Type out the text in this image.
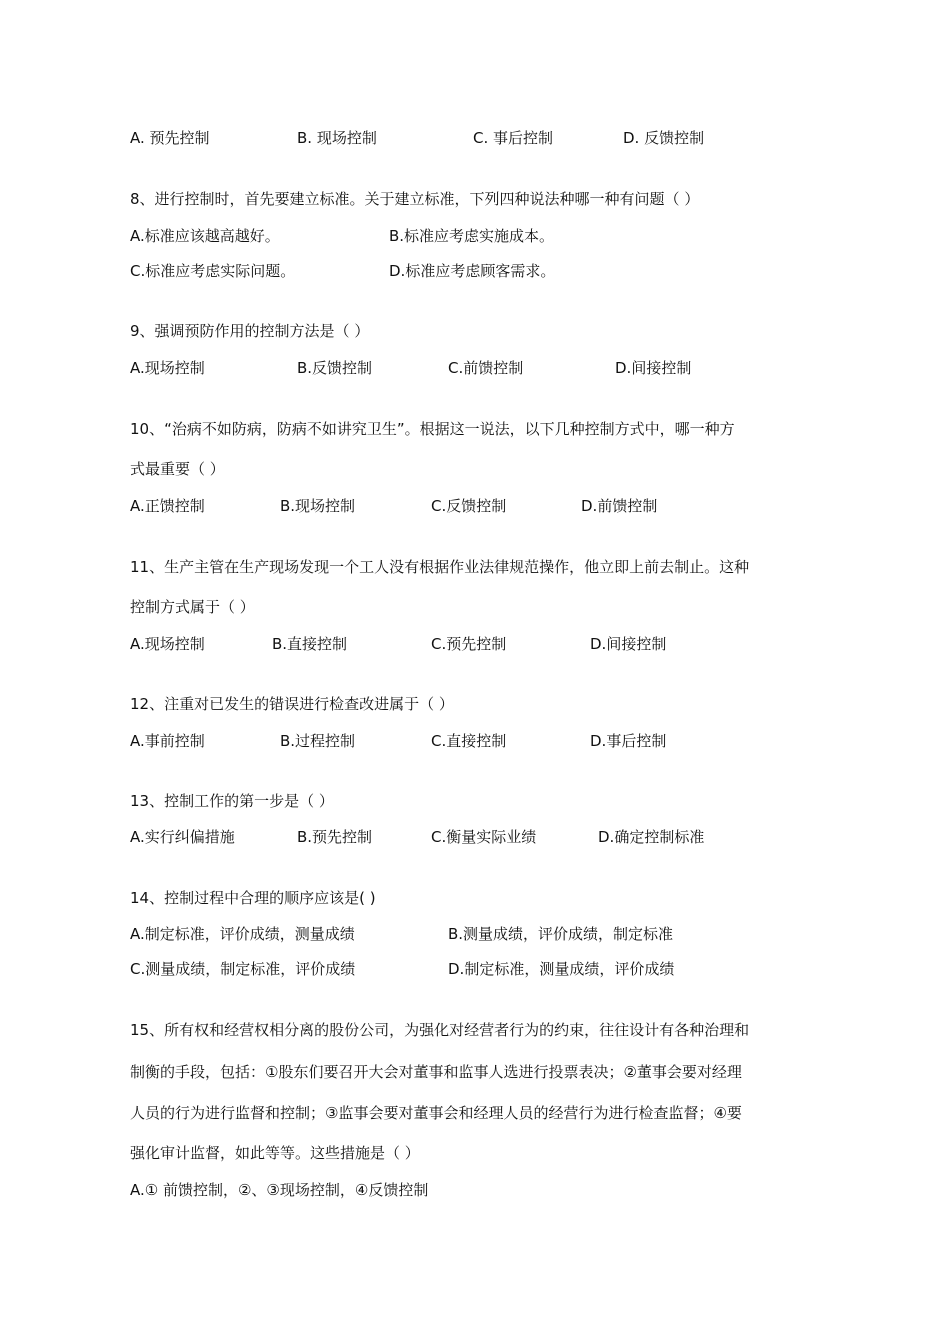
A. 预先控制	B. 现场控制	C. 事后控制	D. 反馈控制
8、进行控制时，首先要建立标准。关于建立标准，下列四种说法种哪一种有问题（ ）
A.标准应该越高越好。	B.标准应考虑实施成本。
C.标准应考虑实际问题。	D.标准应考虑顾客需求。
9、强调预防作用的控制方法是（ ）
A.现场控制	B.反馈控制	C.前馈控制	D.间接控制
10、“治病不如防病，防病不如讲究卫生”。根据这一说法，以下几种控制方式中，哪一种方
式最重要（ ）
A.正馈控制	B.现场控制	C.反馈控制	D.前馈控制
11、生产主管在生产现场发现一个工人没有根据作业法律规范操作，他立即上前去制止。这种
控制方式属于（ ）
A.现场控制	B.直接控制	C.预先控制	D.间接控制
12、注重对已发生的错误进行检查改进属于（ ）
A.事前控制	B.过程控制	C.直接控制	D.事后控制
13、控制工作的第一步是（ ）
A.实行纠偏措施	B.预先控制	C.衡量实际业绩	D.确定控制标准
14、控制过程中合理的顺序应该是( )
A.制定标准，评价成绩，测量成绩	B.测量成绩，评价成绩，制定标准
C.测量成绩，制定标准，评价成绩	D.制定标准，测量成绩，评价成绩
15、所有权和经营权相分离的股份公司，为强化对经营者行为的约束，往往设计有各种治理和
制衡的手段，包括：①股东们要召开大会对董事和监事人选进行投票表决；②董事会要对经理
人员的行为进行监督和控制；③监事会要对董事会和经理人员的经营行为进行检查监督；④要
强化审计监督，如此等等。这些措施是（ ）
A.① 前馈控制，②、③现场控制，④反馈控制
